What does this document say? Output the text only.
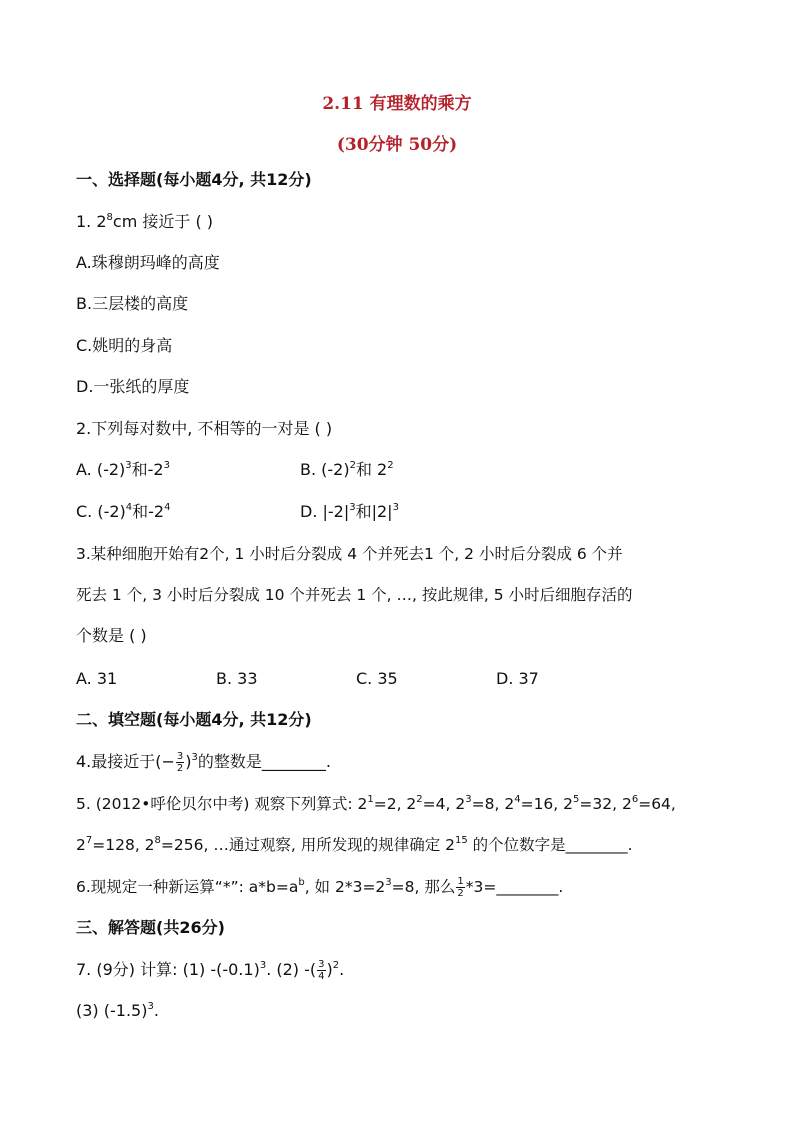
2.11 有理数的乘方
(30分钟 50分)
一、选择题(每小题4分, 共12分)
1. $2^8cm$ 接近于 ( )
A.珠穆朗玛峰的高度
B.三层楼的高度
C.姚明的身高
D.一张纸的厚度
2.下列每对数中, 不相等的一对是 ( )
A. $(-2)^3$和$-2^3$	B. $(-2)^2$和 $2^2$
C. $(-2)^4$和$-2^4$	D. $|-2|^3$和$|2|^3$
3.某种细胞开始有2个, 1 小时后分裂成 4 个并死去1 个, 2 小时后分裂成 6 个并
死去 1 个, 3 小时后分裂成 10 个并死去 1 个, …, 按此规律, 5 小时后细胞存活的
个数是 ( )
A. 31	B. 33	C. 35	D. 37
二、填空题(每小题4分, 共12分)
4.最接近于(− $\frac{3}{2} )^3$的整数是________.
5. (2012•呼伦贝尔中考) 观察下列算式: $2^1=2$, $2^2=4$, $2^3=8$, $2^4=16$, $2^5=32$, $2^6=64$,
$2^7=128$, $2^8=256$, …通过观察, 用所发现的规律确定 $2^{15}$ 的个位数字是________.
6.现规定一种新运算“*”: $a*b=a^b$, 如 $2*3=2^3=8$, 那么 $\frac{1}{2}$ *3=________.
三、解答题(共26分)
7. (9分) 计算: (1) $-(-0.1)^3$. (2) -( $\frac{3}{4} )^2$.
(3) $(-1.5)^3$.
